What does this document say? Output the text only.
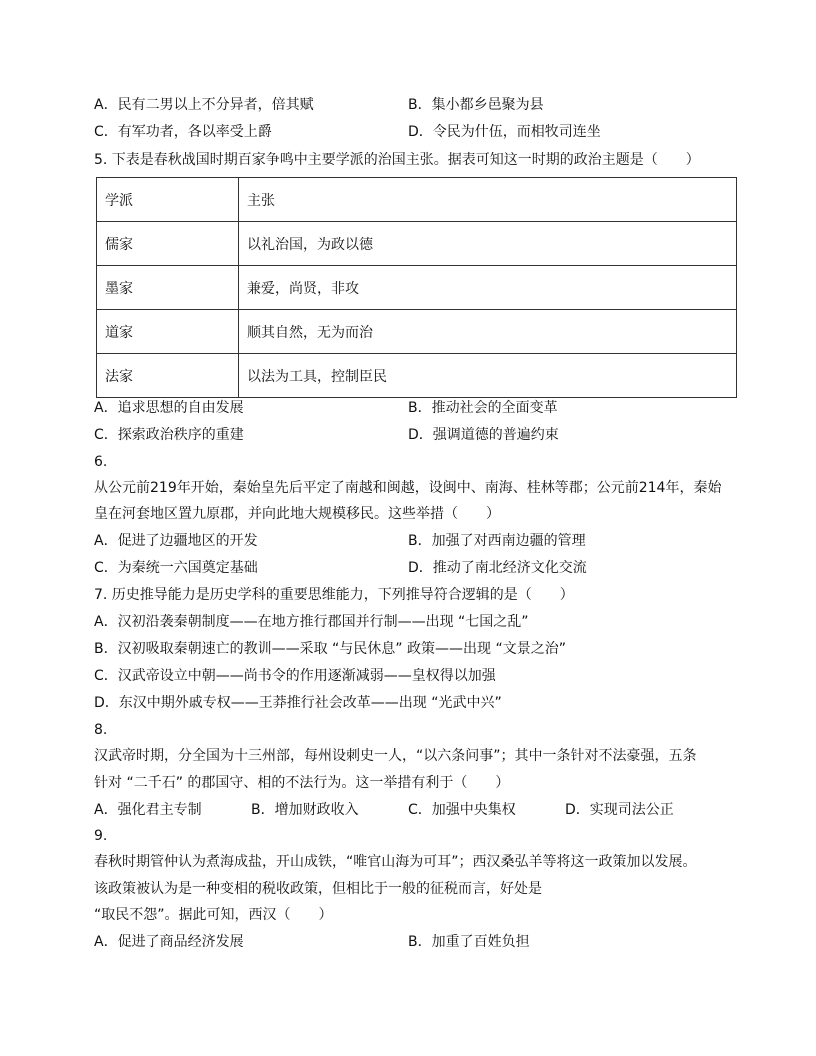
A．民有二男以上不分异者，倍其赋	B．集小都乡邑聚为县
C．有军功者，各以率受上爵	D．令民为什伍，而相牧司连坐
5. 下表是春秋战国时期百家争鸣中主要学派的治国主张。据表可知这一时期的政治主题是（　　）
学派	主张
儒家	以礼治国，为政以德
墨家	兼爱，尚贤，非攻
道家	顺其自然，无为而治
法家	以法为工具，控制臣民
A．追求思想的自由发展	B．推动社会的全面变革
C．探索政治秩序的重建	D．强调道德的普遍约束
6.
从公元前219年开始，秦始皇先后平定了南越和闽越，设闽中、南海、桂林等郡；公元前214年，秦始
皇在河套地区置九原郡，并向此地大规模移民。这些举措（　　）
A．促进了边疆地区的开发	B．加强了对西南边疆的管理
C．为秦统一六国奠定基础	D．推动了南北经济文化交流
7. 历史推导能力是历史学科的重要思维能力，下列推导符合逻辑的是（　　）
A．汉初沿袭秦朝制度——在地方推行郡国并行制——出现 “七国之乱”
B．汉初吸取秦朝速亡的教训——采取 “与民休息” 政策——出现 “文景之治”
C．汉武帝设立中朝——尚书令的作用逐渐减弱——皇权得以加强
D．东汉中期外戚专权——王莽推行社会改革——出现 “光武中兴”
8.
汉武帝时期，分全国为十三州部，每州设刺史一人，“以六条问事”；其中一条针对不法豪强，五条
针对 “二千石” 的郡国守、相的不法行为。这一举措有利于（　　）
A．强化君主专制	B．增加财政收入	C．加强中央集权	D．实现司法公正
9.
春秋时期管仲认为煮海成盐，开山成铁，“唯官山海为可耳”；西汉桑弘羊等将这一政策加以发展。
该政策被认为是一种变相的税收政策，但相比于一般的征税而言，好处是
“取民不怨”。据此可知，西汉（　　）
A．促进了商品经济发展	B．加重了百姓负担
